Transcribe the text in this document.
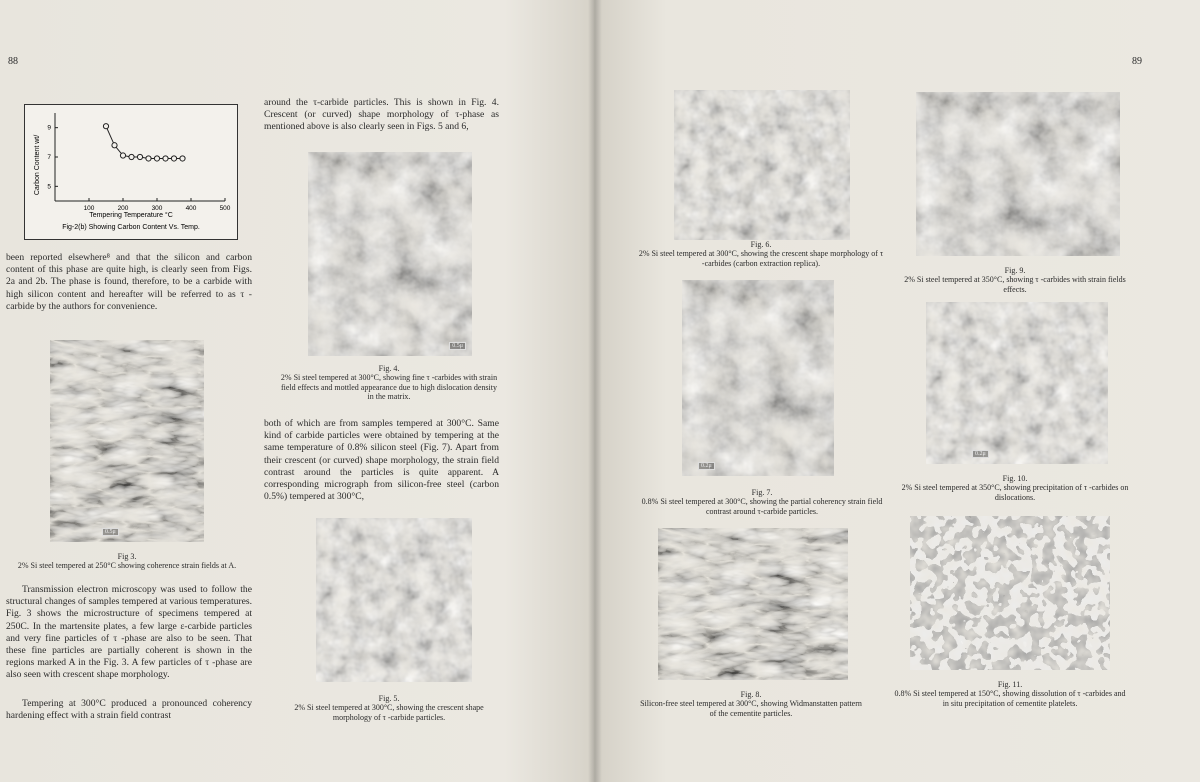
88
Carbon Content wt/
Tempering Temperature °C
Fig-2(b) Showing Carbon Content Vs. Temp.
100	200	300	400	500
9
7
5

been reported elsewhere⁸ and that the silicon and carbon content of this phase are quite high, is clearly seen from Figs. 2a and 2b. The phase is found, therefore, to be a carbide with high silicon content and hereafter will be referred to as τ -carbide by the authors for convenience.

0.5μ

Fig 3.
2% Si steel tempered at 250°C showing coherence strain fields at A.

Transmission electron microscopy was used to follow the structural changes of samples tempered at various temperatures. Fig. 3 shows the microstructure of specimens tempered at 250C. In the martensite plates, a few large ε-carbide particles and very fine particles of τ -phase are also to be seen. That these fine particles are partially coherent is shown in the regions marked A in the Fig. 3. A few particles of τ -phase are also seen with crescent shape morphology.

Tempering at 300°C produced a pronounced coherency hardening effect with a strain field contrast

around the τ-carbide particles. This is shown in Fig. 4. Crescent (or curved) shape morphology of τ-phase as mentioned above is also clearly seen in Figs. 5 and 6,

0.5μ

Fig. 4.
2% Si steel tempered at 300°C, showing fine τ -carbides with strain field effects and mottled appearance due to high dislocation density in the matrix.

both of which are from samples tempered at 300°C. Same kind of carbide particles were obtained by tempering at the same temperature of 0.8% silicon steel (Fig. 7). Apart from their crescent (or curved) shape morphology, the strain field contrast around the particles is quite apparent. A corresponding micrograph from silicon-free steel (carbon 0.5%) tempered at 300°C,

Fig. 5.
2% Si steel tempered at 300°C, showing the crescent shape morphology of τ -carbide particles.

89

Fig. 6.
2% Si steel tempered at 300°C, showing the crescent shape morphology of τ -carbides (carbon extraction replica).

0.2μ

Fig. 7.
0.8% Si steel tempered at 300°C, showing the partial coherency strain field contrast around τ-carbide particles.

Fig. 8.
Silicon-free steel tempered at 300°C, showing Widmanstatten pattern of the cementite particles.

Fig. 9.
2% Si steel tempered at 350°C, showing τ -carbides with strain fields effects.

0.2μ

Fig. 10.
2% Si steel tempered at 350°C, showing precipitation of τ -carbides on dislocations.

Fig. 11.
0.8% Si steel tempered at 150°C, showing dissolution of τ -carbides and in situ precipitation of cementite platelets.
